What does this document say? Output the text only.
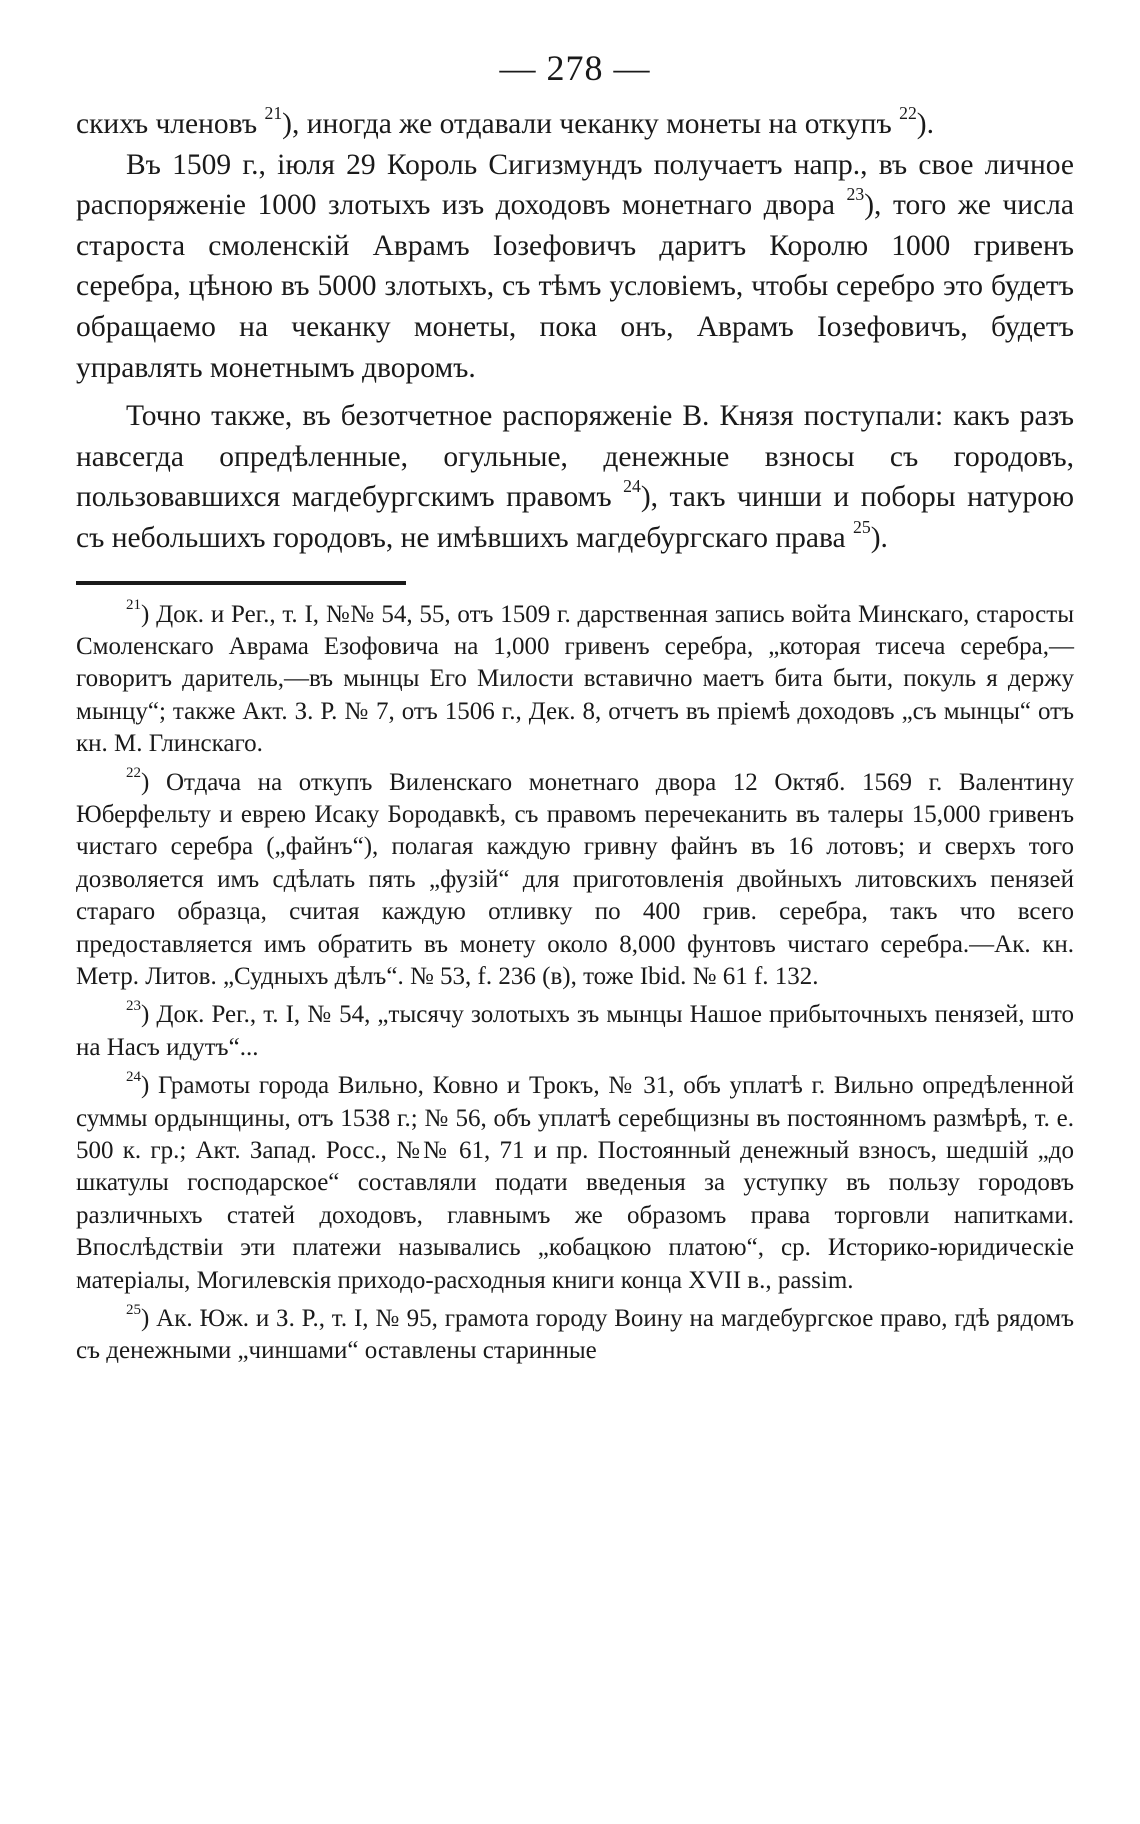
— 278 —

скихъ членовъ $^{21}$), иногда же отдавали чеканку монеты на откупъ $^{22}$).

Въ 1509 г., іюля 29 Король Сигизмундъ получаетъ напр., въ свое личное распоряженіе 1000 злотыхъ изъ доходовъ монетнаго двора $^{23}$), того же числа староста смоленскій Аврамъ Іозефовичъ даритъ Королю 1000 гривенъ серебра, цѣною въ 5000 злотыхъ, съ тѣмъ условіемъ, чтобы серебро это будетъ обращаемо на чеканку монеты, пока онъ, Аврамъ Іозефовичъ, будетъ управлять монетнымъ дворомъ.

Точно также, въ безотчетное распоряженіе В. Князя поступали: какъ разъ навсегда опредѣленные, огульные, денежные взносы съ городовъ, пользовавшихся магдебургскимъ правомъ $^{24}$), такъ чинши и поборы натурою съ небольшихъ городовъ, не имѣвшихъ магдебургскаго права $^{25}$).

$^{21}$) Док. и Рег., т. I, №№ 54, 55, отъ 1509 г. дарственная запись войта Минскаго, старосты Смоленскаго Аврама Езофовича на 1,000 гривенъ серебра, „которая тисеча серебра,—говоритъ даритель,—въ мынцы Его Милости вставично маетъ бита быти, покуль я держу мынцу“; также Акт. З. Р. № 7, отъ 1506 г., Дек. 8, отчетъ въ пріемѣ доходовъ „съ мынцы“ отъ кн. М. Глинскаго.

$^{22}$) Отдача на откупъ Виленскаго монетнаго двора 12 Октяб. 1569 г. Валентину Юберфельту и еврею Исаку Бородавкѣ, съ правомъ перечеканить въ талеры 15,000 гривенъ чистаго серебра („файнъ“), полагая каждую гривну файнъ въ 16 лотовъ; и сверхъ того дозволяется имъ сдѣлать пять „фузій“ для приготовленія двойныхъ литовскихъ пенязей стараго образца, считая каждую отливку по 400 грив. серебра, такъ что всего предоставляется имъ обратить въ монету около 8,000 фунтовъ чистаго серебра.—Ак. кн. Метр. Литов. „Судныхъ дѣлъ“. № 53, f. 236 (в), тоже Ibid. № 61 f. 132.

$^{23}$) Док. Рег., т. I, № 54, „тысячу золотыхъ зъ мынцы Нашое прибыточныхъ пенязей, што на Насъ идутъ“...

$^{24}$) Грамоты города Вильно, Ковно и Трокъ, № 31, объ уплатѣ г. Вильно опредѣленной суммы ордынщины, отъ 1538 г.; № 56, объ уплатѣ серебщизны въ постоянномъ размѣрѣ, т. е. 500 к. гр.; Акт. Запад. Росс., №№ 61, 71 и пр. Постоянный денежный взносъ, шедшій „до шкатулы господарское“ составляли подати введеныя за уступку въ пользу городовъ различныхъ статей доходовъ, главнымъ же образомъ права торговли напитками. Впослѣдствіи эти платежи назывались „кобацкою платою“, ср. Историко-юридическіе матеріалы, Могилевскія приходо-расходныя книги конца XVII в., passim.

$^{25}$) Ак. Юж. и З. Р., т. I, № 95, грамота городу Воину на магдебургское право, гдѣ рядомъ съ денежными „чиншами“ оставлены старинные
